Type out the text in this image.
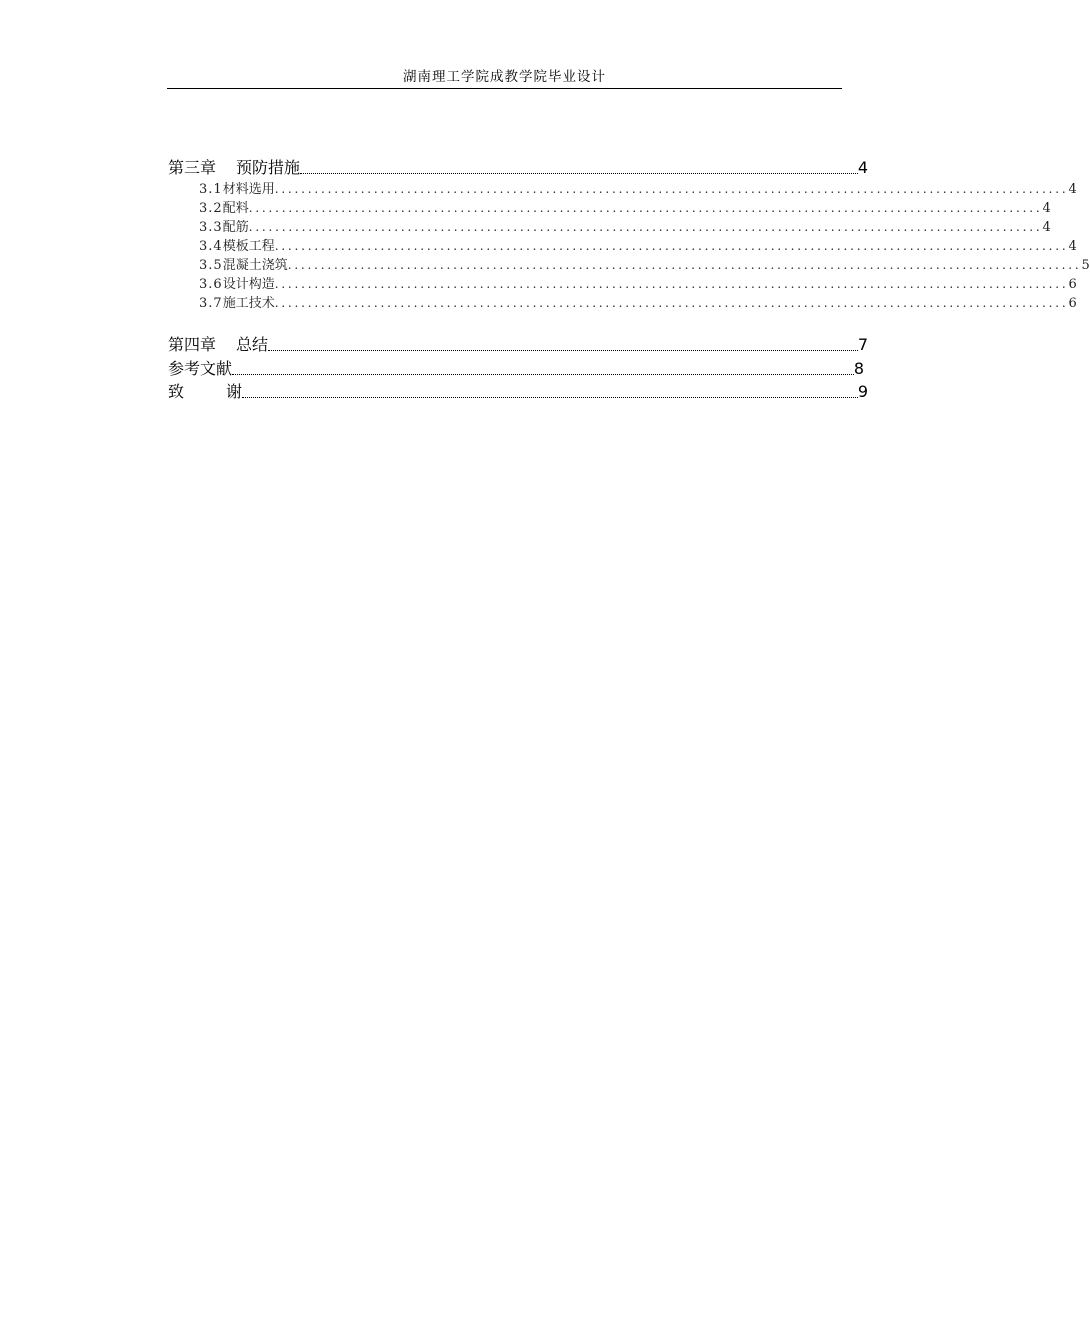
湖南理工学院成教学院毕业设计
第三章 预防措施	4
3.1 材料选用 ........................................................................................................................ 4
3.2 配料 ........................................................................................................................ 4
3.3 配筋 ........................................................................................................................ 4
3.4 模板工程 ........................................................................................................................ 4
3.5 混凝土浇筑 ........................................................................................................................ 5
3.6 设计构造 ........................................................................................................................ 6
3.7 施工技术 ........................................................................................................................ 6
第四章 总结	7
参考文献	8
致	谢	9
